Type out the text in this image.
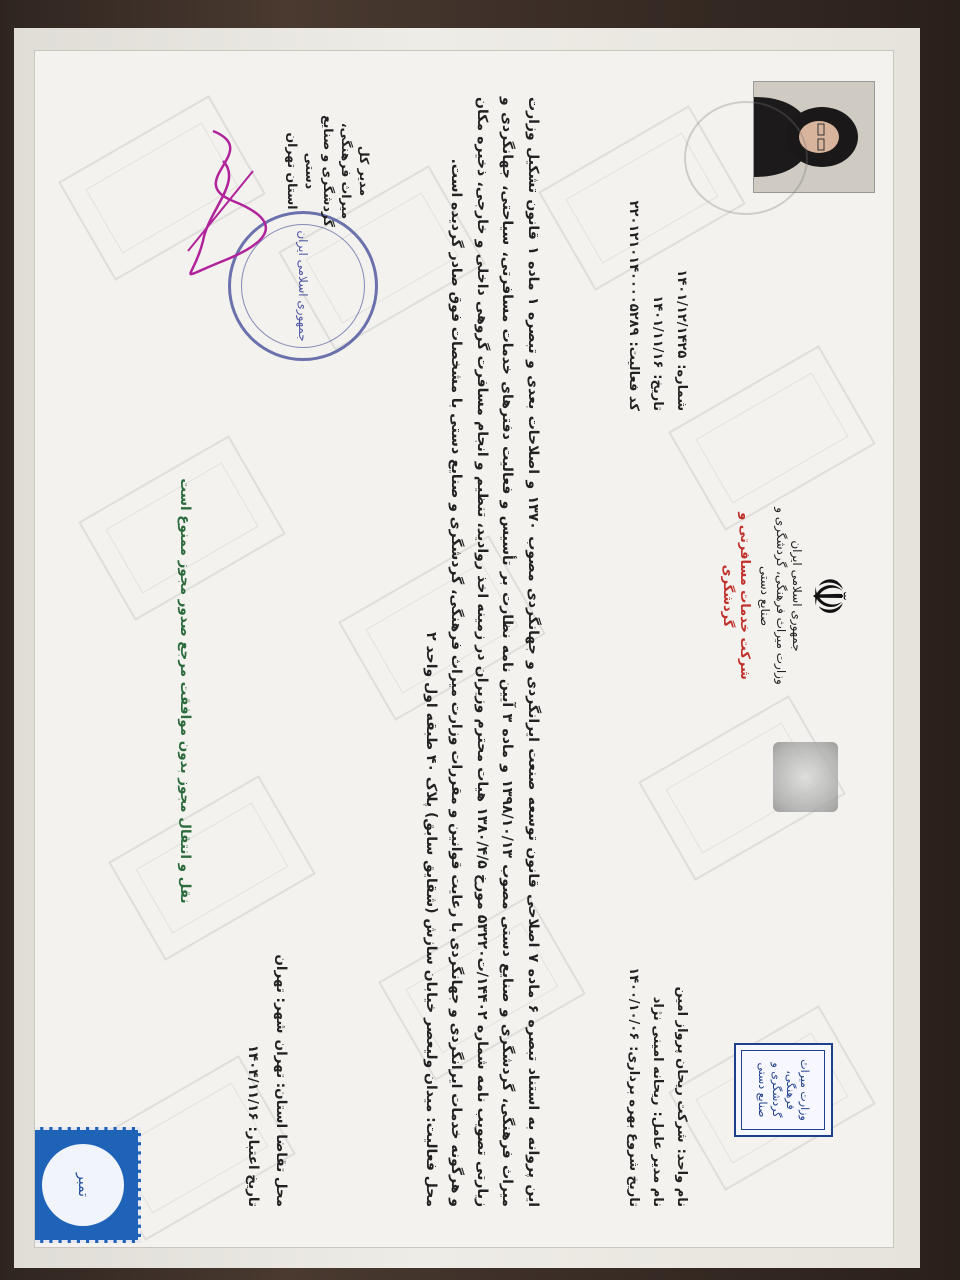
وزارت میراث فرهنگی، گردشگری و صنایع دستی
☫
جمهوری اسلامی ایران
وزارت میراث فرهنگی، گردشگری و صنایع دستی
شرکت خدمات مسافرتی و گردشگری
نام واحد:
شرکت ریحان پرواز امین
نام مدیر عامل:
ریحانه امینی نژاد
تاریخ شروع بهره برداری:
۱۴۰۰/۱۰/۰۶
شماره:
۱۴۰۱/۱۲/۱۴۲۵
تاریخ:
۱۴۰۱/۱۱/۱۶
کد فعالیت:
۲۲۰۱۲۱۰۱۴۰۰۰۰۵۲۸۹
این پروانه به استناد تبصره ۶ ماده ۷ اصلاحی قانون توسعه صنعت ایرانگردی و جهانگردی مصوب ۱۳۷۰ و اصلاحات بعدی و تبصره ۱ ماده ۱ قانون تشکیل وزارت میراث فرهنگی، گردشگری و صنایع دستی مصوب ۱۳۹۸/۱۰/۱۳ و ماده ۳ آیین نامه نظارت بر تأسیس و فعالیت دفترهای خدمات مسافرتی، سیاحتی، جهانگردی و زیارتی تصویب نامه شماره ۱۴۴۰۲/ت۵۳۲۲۰ مورخ ۱۳۸۰/۴/۵ هیات محترم وزیران در زمینه اخذ روادید، تنظیم و انجام مسافرت گروهی داخلی و خارجی، ذخیره مکان و هرگونه خدمات ایرانگردی و جهانگردی با رعایت قوانین و مقررات وزارت میراث فرهنگی، گردشگری و صنایع دستی با مشخصات فوق صادر گردیده است.
محل فعالیت: میدان ولیعصر خیابان سازش (شقایق سابق) پلاک ۴۰ طبقه اول واحد ۲
محل تقاضا
استان: تهران
شهر: تهران
تاریخ اعتبار:
۱۴۰۴/۱۱/۱۶
جمهوری اسلامی ایران
مدیر کل
میراث فرهنگی، گردشگری و صنایع دستی
استان تهران
نقل و انتقال مجوز بدون موافقت مرجع صدور مجوز ممنوع است
تمبر
